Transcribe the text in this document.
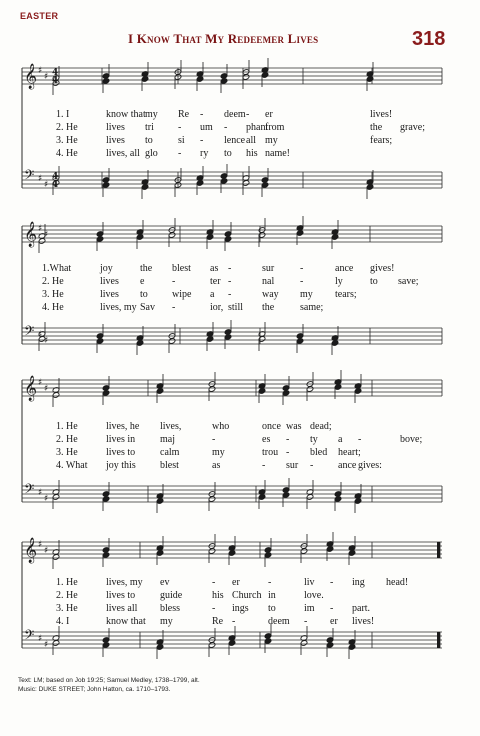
EASTER
I Know That My Redeemer Lives	318
𝄞 ♯
♯ 4
4
𝄢 ♯
♯
4
4
1. I	know that my Re - deem - er	lives!
2. He	lives tri - um - phant
from	the grave;
3. He	lives to	si - lence all my	fears;
4. He	lives, all glo - ry to his name!
𝄞 ♯
♯
𝄢 ♯
♯
1.What	joy	the blest as -	sur	-	ance gives!
2. He	lives e	-	ter -	nal	-	ly	to save;
3. He	lives to wipe a -	way my tears;
4. He	lives, my Sav -	ior, still the	same;
𝄞 ♯
♯
𝄢 ♯
♯
1. He	lives, he lives,	who	once was dead;
2. He	lives in maj	-	es - ty a -	bove;
3. He	lives to calm	my	trou - bled heart;
4. What joy this blest	as	- sur - ance gives:
𝄞 ♯
♯
𝄢 ♯
♯
1. He	lives, my ev	- er	-	liv - ing head!
2. He	lives to guide	his Church in	love.
3. He	lives all bless	- ings to	im - part.
4. I	know that my	Re -	deem - er lives!
Text: LM; based on Job 19:25; Samuel Medley, 1738–1799, alt.
Music: DUKE STREET; John Hatton, ca. 1710–1793.
